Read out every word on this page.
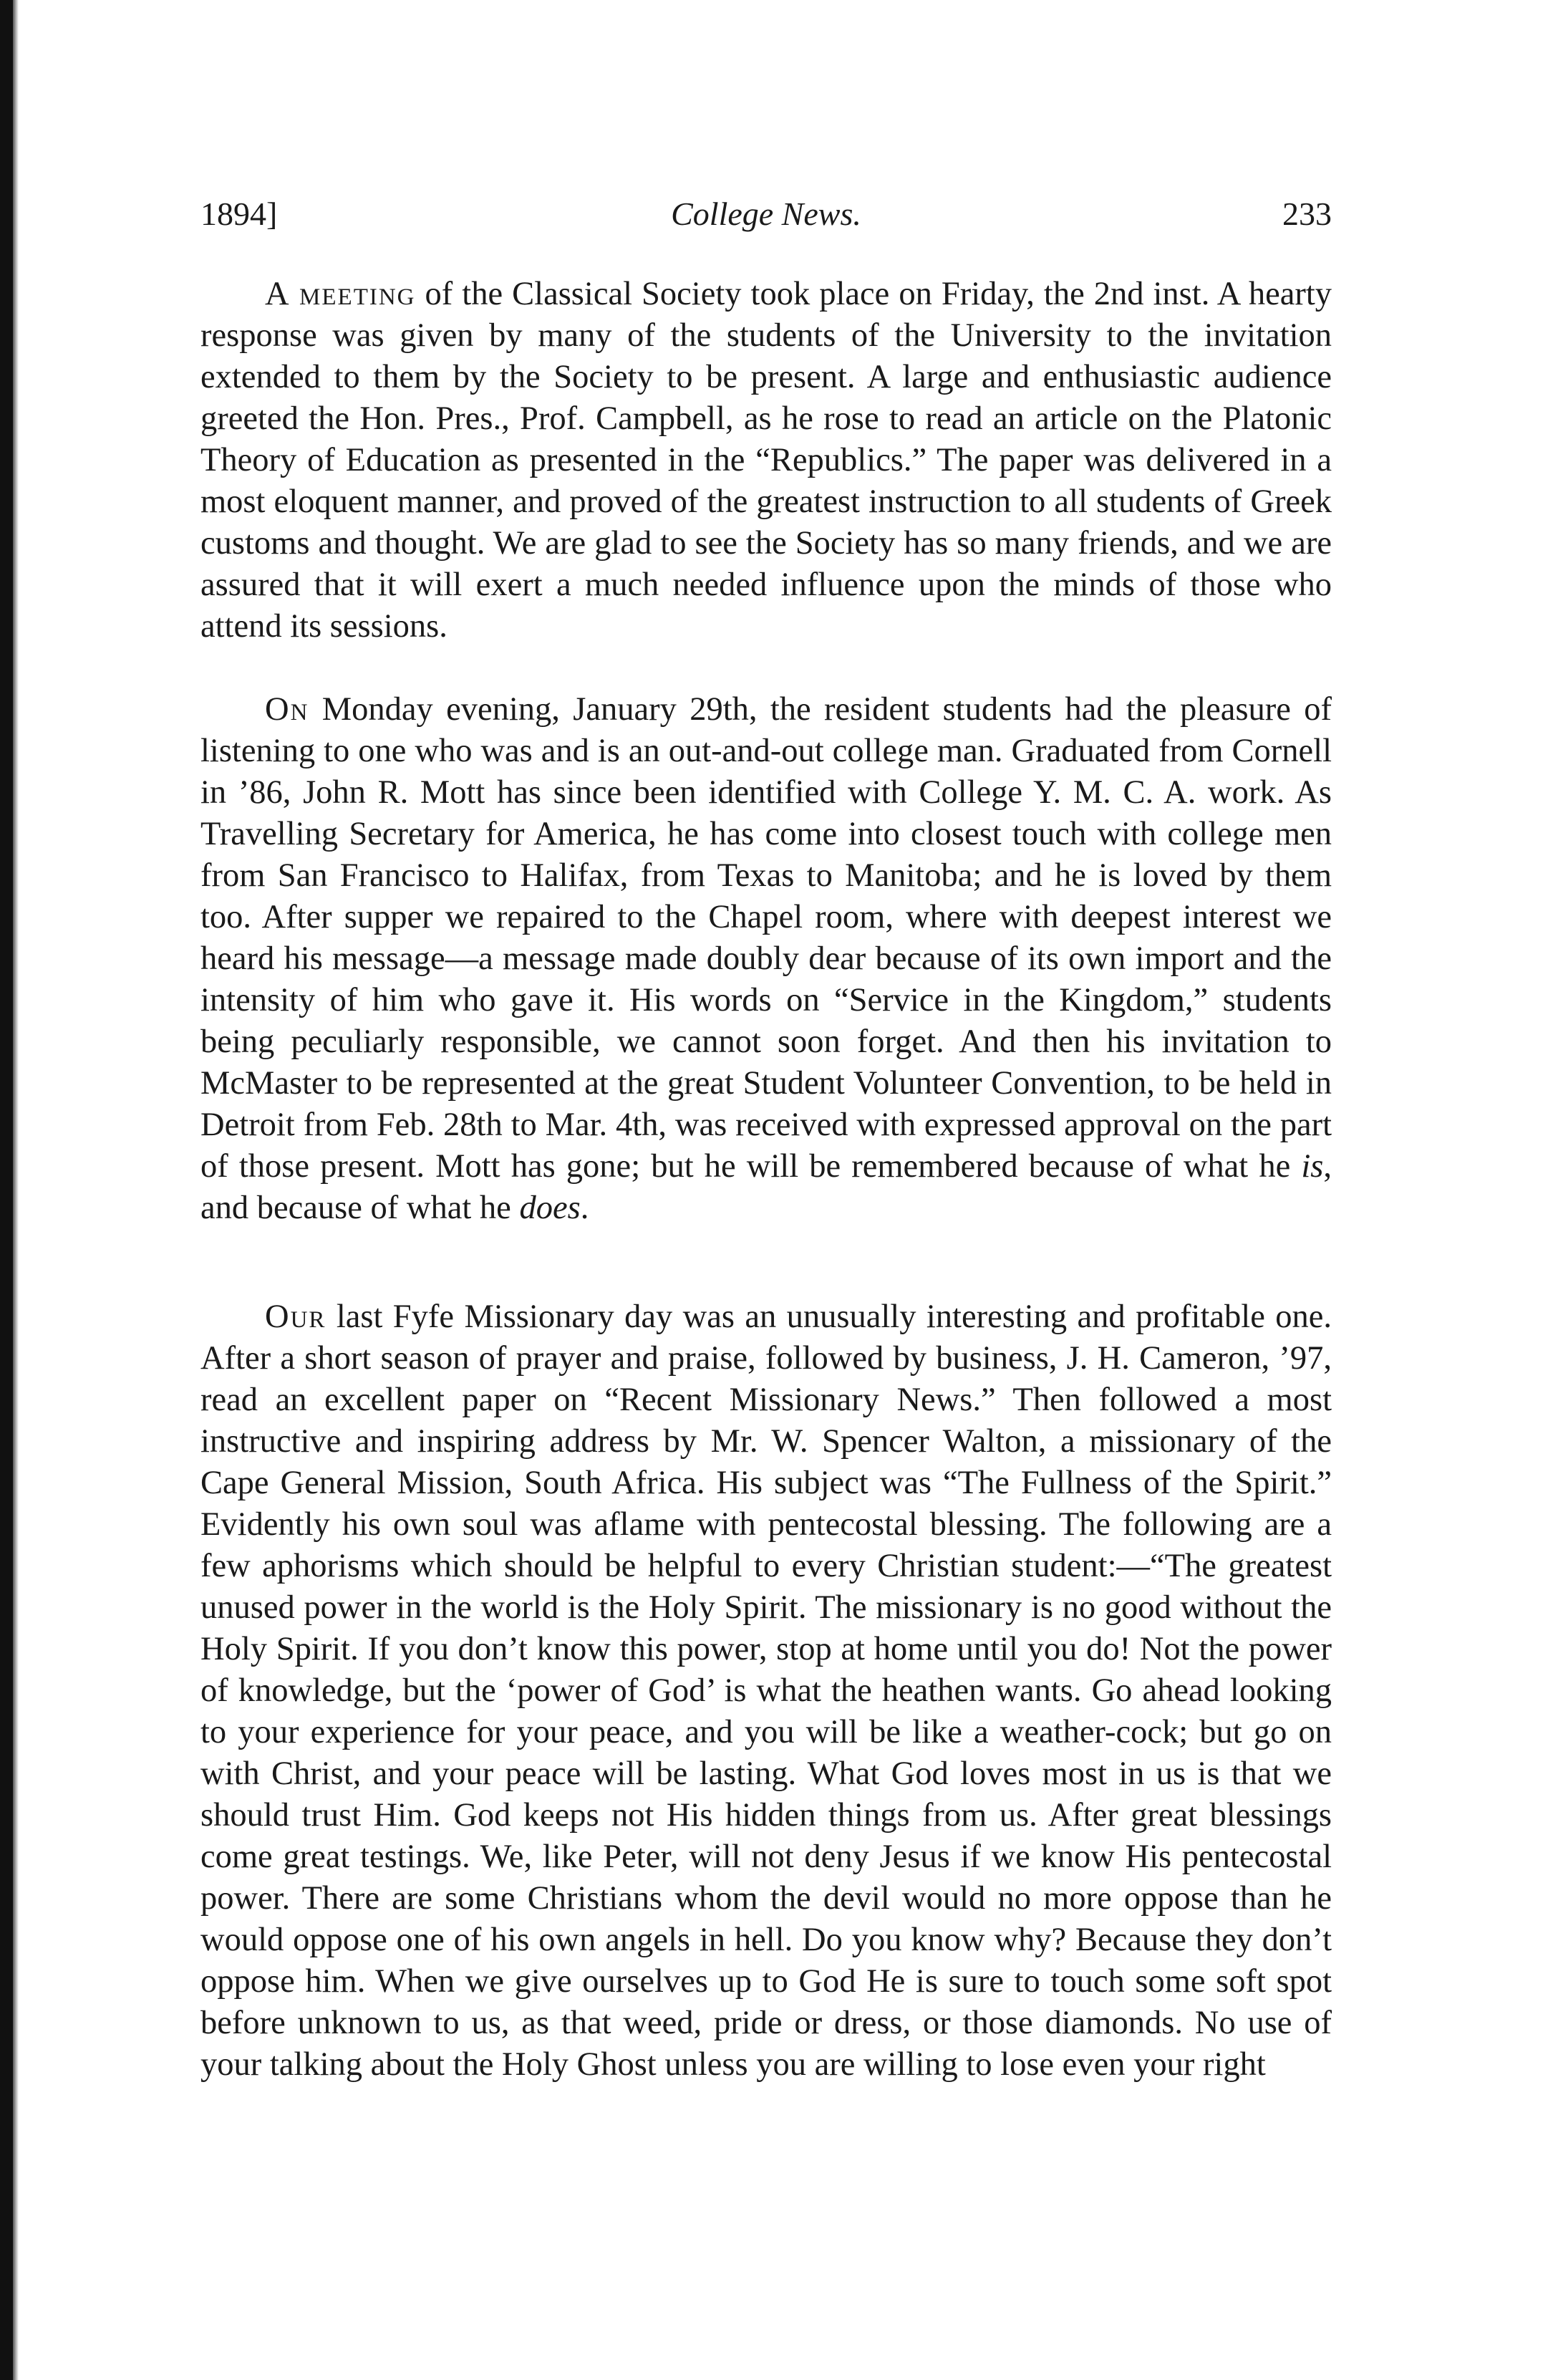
1894]	College News.	233

A meeting of the Classical Society took place on Friday, the 2nd inst. A hearty response was given by many of the students of the University to the invitation extended to them by the Society to be present. A large and enthusiastic audience greeted the Hon. Pres., Prof. Campbell, as he rose to read an article on the Platonic Theory of Education as presented in the “Republics.” The paper was delivered in a most eloquent manner, and proved of the greatest instruction to all students of Greek customs and thought. We are glad to see the Society has so many friends, and we are assured that it will exert a much needed influence upon the minds of those who attend its sessions.

On Monday evening, January 29th, the resident students had the pleasure of listening to one who was and is an out-and-out college man. Graduated from Cornell in ’86, John R. Mott has since been identified with College Y. M. C. A. work. As Travelling Secretary for America, he has come into closest touch with college men from San Francisco to Halifax, from Texas to Manitoba; and he is loved by them too. After supper we repaired to the Chapel room, where with deepest interest we heard his message—a message made doubly dear because of its own import and the intensity of him who gave it. His words on “Service in the Kingdom,” students being peculiarly responsible, we cannot soon forget. And then his invitation to McMaster to be represented at the great Student Volunteer Convention, to be held in Detroit from Feb. 28th to Mar. 4th, was received with expressed approval on the part of those present. Mott has gone; but he will be remembered because of what he is, and because of what he does.

Our last Fyfe Missionary day was an unusually interesting and profitable one. After a short season of prayer and praise, followed by business, J. H. Cameron, ’97, read an excellent paper on “Recent Missionary News.” Then followed a most instructive and inspiring address by Mr. W. Spencer Walton, a missionary of the Cape General Mission, South Africa. His subject was “The Fullness of the Spirit.” Evidently his own soul was aflame with pentecostal blessing. The following are a few aphorisms which should be helpful to every Christian student:—“The greatest unused power in the world is the Holy Spirit. The missionary is no good without the Holy Spirit. If you don’t know this power, stop at home until you do! Not the power of knowledge, but the ‘power of God’ is what the heathen wants. Go ahead looking to your experience for your peace, and you will be like a weather-cock; but go on with Christ, and your peace will be lasting. What God loves most in us is that we should trust Him. God keeps not His hidden things from us. After great blessings come great testings. We, like Peter, will not deny Jesus if we know His pentecostal power. There are some Christians whom the devil would no more oppose than he would oppose one of his own angels in hell. Do you know why? Because they don’t oppose him. When we give ourselves up to God He is sure to touch some soft spot before unknown to us, as that weed, pride or dress, or those diamonds. No use of your talking about the Holy Ghost unless you are willing to lose even your right
